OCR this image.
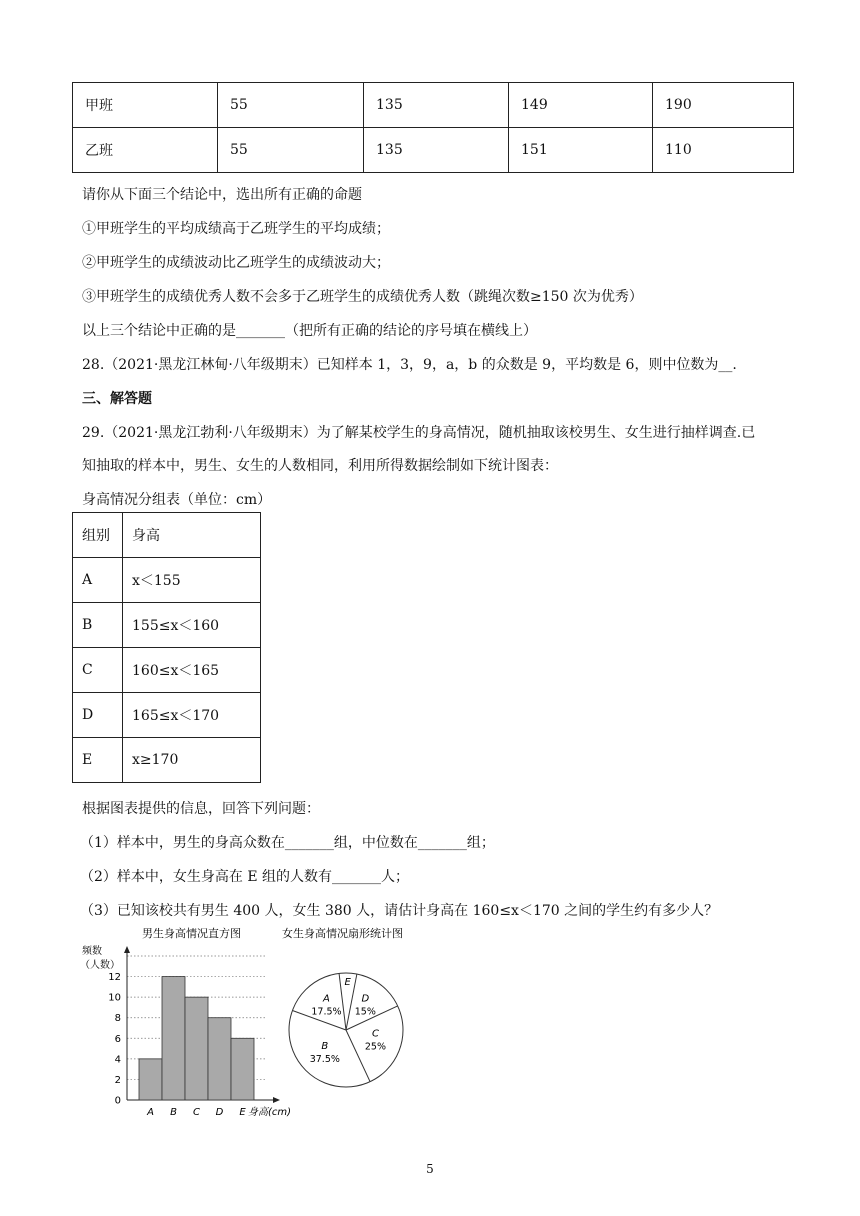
甲班	55	135	149	190
乙班	55	135	151	110
请你从下面三个结论中，选出所有正确的命题
①甲班学生的平均成绩高于乙班学生的平均成绩；
②甲班学生的成绩波动比乙班学生的成绩波动大；
③甲班学生的成绩优秀人数不会多于乙班学生的成绩优秀人数（跳绳次数≥150 次为优秀）
以上三个结论中正确的是_______（把所有正确的结论的序号填在横线上）
28.（2021·黑龙江林甸·八年级期末）已知样本 1，3，9，a，b 的众数是 9，平均数是 6，则中位数为__.
三、解答题
29.（2021·黑龙江勃利·八年级期末）为了解某校学生的身高情况，随机抽取该校男生、女生进行抽样调查.已
知抽取的样本中，男生、女生的人数相同，利用所得数据绘制如下统计图表：
身高情况分组表（单位：cm）
组别	身高
A	x＜155
B	155≤x＜160
C	160≤x＜165
D	165≤x＜170
E	x≥170
根据图表提供的信息，回答下列问题：
（1）样本中，男生的身高众数在_______组，中位数在_______组；
（2）样本中，女生身高在 E 组的人数有_______人；
（3）已知该校共有男生 400 人，女生 380 人，请估计身高在 160≤x＜170 之间的学生约有多少人？
男生身高情况直方图
频数
（人数）
身高(cm)
0
2
4
6
8
10
12
A B C D E
女生身高情况扇形统计图
A
17.5%
E
D
15%
C
25%
B
37.5%
5
